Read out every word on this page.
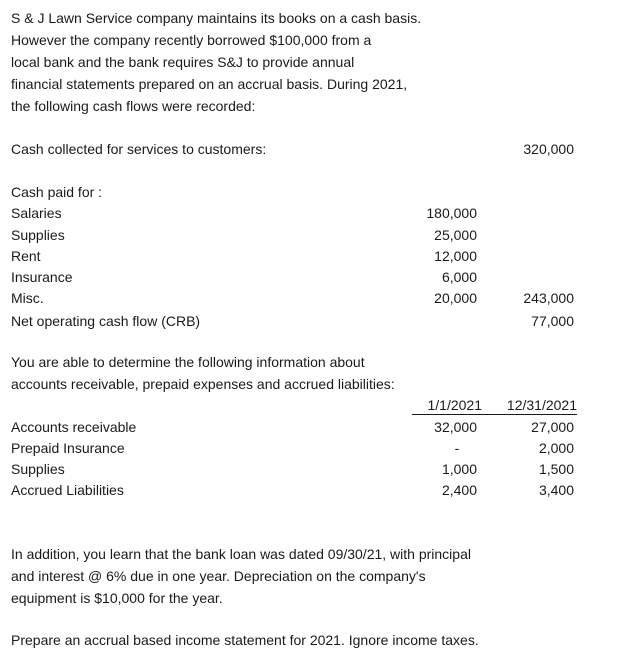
S & J Lawn Service company maintains its books on a cash basis.
However the company recently borrowed $100,000 from a
local bank and the bank requires S&J to provide annual
financial statements prepared on an accrual basis. During 2021,
the following cash flows were recorded:
Cash collected for services to customers:	320,000
Cash paid for :
Salaries	180,000
Supplies	25,000
Rent	12,000
Insurance	6,000
Misc.	20,000	243,000
Net operating cash flow (CRB)	77,000
You are able to determine the following information about
accounts receivable, prepaid expenses and accrued liabilities:
1/1/2021	12/31/2021
Accounts receivable	32,000	27,000
Prepaid Insurance	-	2,000
Supplies	1,000	1,500
Accrued Liabilities	2,400	3,400
In addition, you learn that the bank loan was dated 09/30/21, with principal
and interest @ 6% due in one year. Depreciation on the company's
equipment is $10,000 for the year.
Prepare an accrual based income statement for 2021. Ignore income taxes.
